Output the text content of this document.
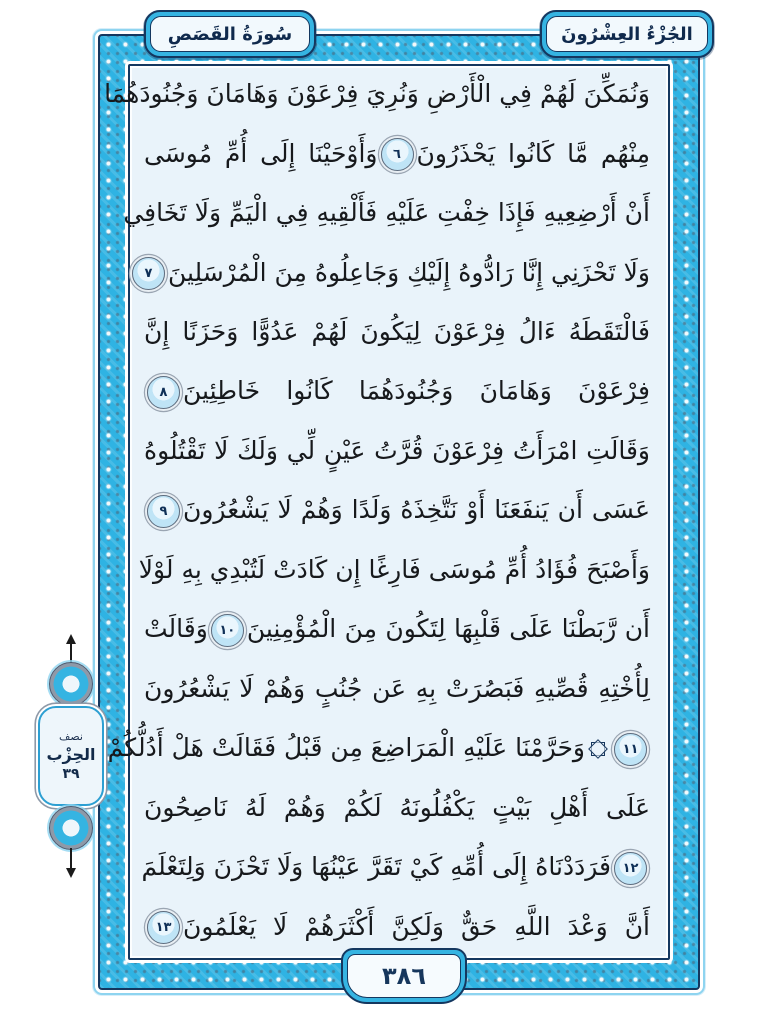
الجُزْءُ العِشْرُونَ
سُورَةُ القَصَصِ
وَنُمَكِّنَ لَهُمْ فِي الْأَرْضِ وَنُرِيَ فِرْعَوْنَ وَهَامَانَ وَجُنُودَهُمَا
مِنْهُم مَّا كَانُوا يَحْذَرُونَ٦وَأَوْحَيْنَا إِلَى أُمِّ مُوسَى
أَنْ أَرْضِعِيهِ فَإِذَا خِفْتِ عَلَيْهِ فَأَلْقِيهِ فِي الْيَمِّ وَلَا تَخَافِي
وَلَا تَحْزَنِي إِنَّا رَادُّوهُ إِلَيْكِ وَجَاعِلُوهُ مِنَ الْمُرْسَلِينَ٧
فَالْتَقَطَهُ ءَالُ فِرْعَوْنَ لِيَكُونَ لَهُمْ عَدُوًّا وَحَزَنًا إِنَّ
فِرْعَوْنَ وَهَامَانَ وَجُنُودَهُمَا كَانُوا خَاطِئِينَ٨
وَقَالَتِ امْرَأَتُ فِرْعَوْنَ قُرَّتُ عَيْنٍ لِّي وَلَكَ لَا تَقْتُلُوهُ
عَسَى أَن يَنفَعَنَا أَوْ نَتَّخِذَهُ وَلَدًا وَهُمْ لَا يَشْعُرُونَ٩
وَأَصْبَحَ فُؤَادُ أُمِّ مُوسَى فَارِغًا إِن كَادَتْ لَتُبْدِي بِهِ لَوْلَا
أَن رَّبَطْنَا عَلَى قَلْبِهَا لِتَكُونَ مِنَ الْمُؤْمِنِينَ١٠وَقَالَتْ
لِأُخْتِهِ قُصِّيهِ فَبَصُرَتْ بِهِ عَن جُنُبٍ وَهُمْ لَا يَشْعُرُونَ
١١
وَحَرَّمْنَا عَلَيْهِ الْمَرَاضِعَ مِن قَبْلُ فَقَالَتْ هَلْ أَدُلُّكُمْ
عَلَى أَهْلِ بَيْتٍ يَكْفُلُونَهُ لَكُمْ وَهُمْ لَهُ نَاصِحُونَ
١٢فَرَدَدْنَاهُ إِلَى أُمِّهِ كَيْ تَقَرَّ عَيْنُهَا وَلَا تَحْزَنَ وَلِتَعْلَمَ
أَنَّ وَعْدَ اللَّهِ حَقٌّ وَلَكِنَّ أَكْثَرَهُمْ لَا يَعْلَمُونَ١٣
نصف
الحِزْب
٣٩
٣٨٦
